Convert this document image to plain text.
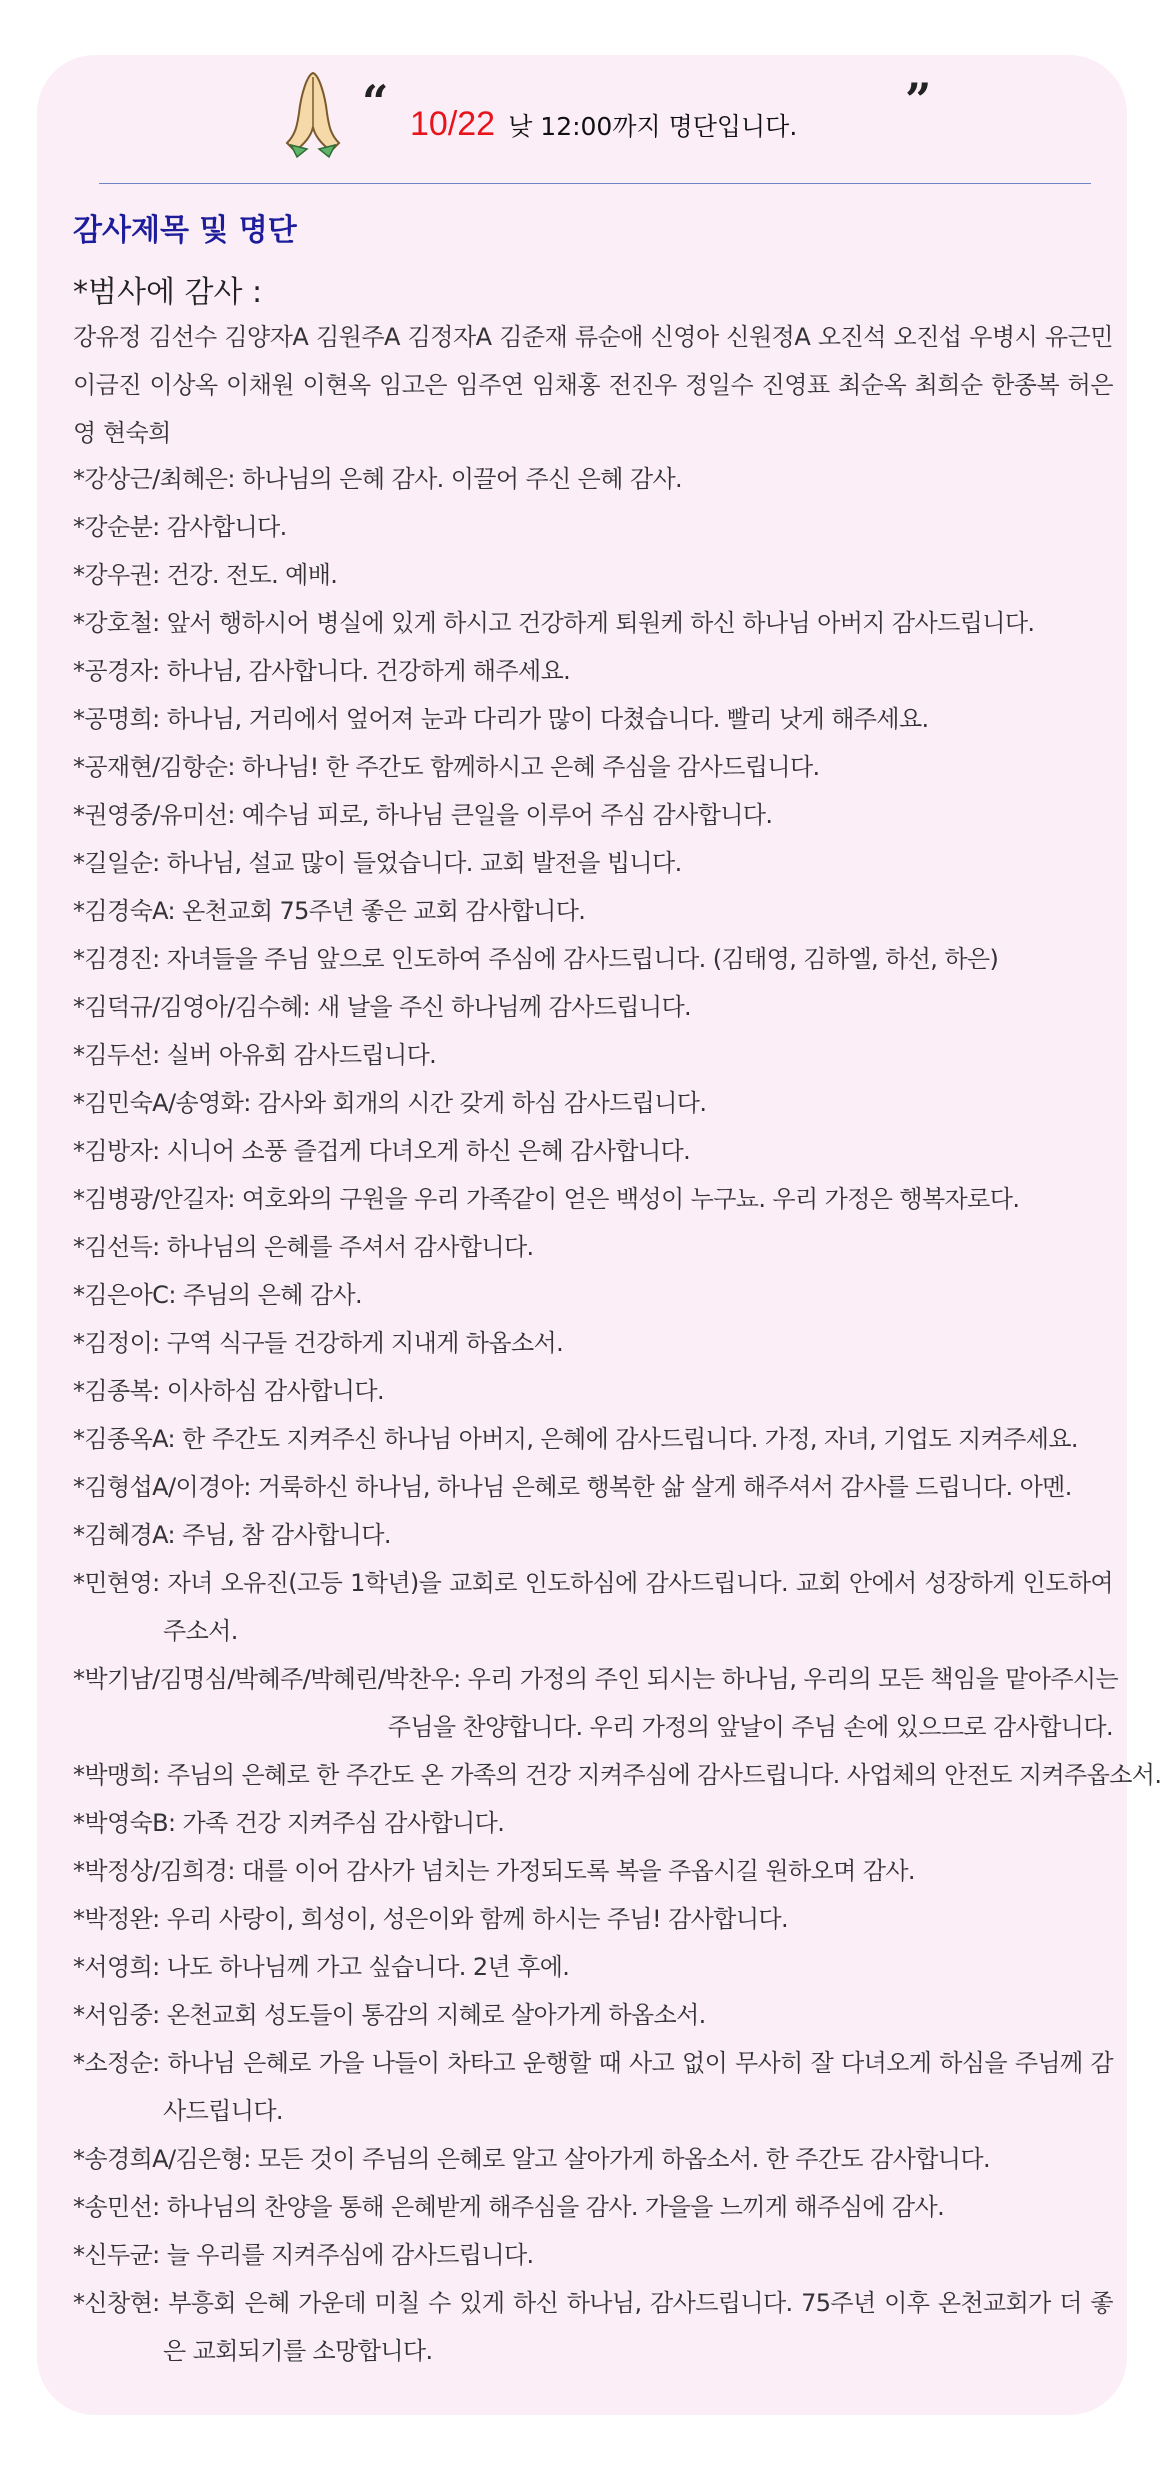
“ 10/22 낮 12:00까지 명단입니다. ”
감사제목 및 명단
*범사에 감사 :
강유정 김선수 김양자A 김원주A 김정자A 김준재 류순애 신영아 신원정A 오진석 오진섭 우병시 유근민 이금진 이상옥 이채원 이현옥 임고은 임주연 임채홍 전진우 정일수 진영표 최순옥 최희순 한종복 허은영 현숙희
* 강상근/최혜은: 하나님의 은혜 감사. 이끌어 주신 은혜 감사.
* 강순분: 감사합니다.
* 강우권: 건강. 전도. 예배.
* 강호철: 앞서 행하시어 병실에 있게 하시고 건강하게 퇴원케 하신 하나님 아버지 감사드립니다.
* 공경자: 하나님, 감사합니다. 건강하게 해주세요.
* 공명희: 하나님, 거리에서 엎어져 눈과 다리가 많이 다쳤습니다. 빨리 낫게 해주세요.
* 공재현/김항순: 하나님! 한 주간도 함께하시고 은혜 주심을 감사드립니다.
* 권영중/유미선: 예수님 피로, 하나님 큰일을 이루어 주심 감사합니다.
* 길일순: 하나님, 설교 많이 들었습니다. 교회 발전을 빕니다.
* 김경숙A: 온천교회 75주년 좋은 교회 감사합니다.
* 김경진: 자녀들을 주님 앞으로 인도하여 주심에 감사드립니다. (김태영, 김하엘, 하선, 하은)
* 김덕규/김영아/김수혜: 새 날을 주신 하나님께 감사드립니다.
* 김두선: 실버 아유회 감사드립니다.
* 김민숙A/송영화: 감사와 회개의 시간 갖게 하심 감사드립니다.
* 김방자: 시니어 소풍 즐겁게 다녀오게 하신 은혜 감사합니다.
* 김병광/안길자: 여호와의 구원을 우리 가족같이 얻은 백성이 누구뇨. 우리 가정은 행복자로다.
* 김선득: 하나님의 은혜를 주셔서 감사합니다.
* 김은아C: 주님의 은혜 감사.
* 김정이: 구역 식구들 건강하게 지내게 하옵소서.
* 김종복: 이사하심 감사합니다.
* 김종옥A: 한 주간도 지켜주신 하나님 아버지, 은혜에 감사드립니다. 가정, 자녀, 기업도 지켜주세요.
* 김형섭A/이경아: 거룩하신 하나님, 하나님 은혜로 행복한 삶 살게 해주셔서 감사를 드립니다. 아멘.
* 김혜경A: 주님, 참 감사합니다.
* 민현영: 자녀 오유진(고등 1학년)을 교회로 인도하심에 감사드립니다. 교회 안에서 성장하게 인도하여 주소서.
* 박기남/김명심/박혜주/박혜린/박찬우: 우리 가정의 주인 되시는 하나님, 우리의 모든 책임을 맡아주시는
주님을 찬양합니다. 우리 가정의 앞날이 주님 손에 있으므로 감사합니다.
* 박맹희: 주님의 은혜로 한 주간도 온 가족의 건강 지켜주심에 감사드립니다. 사업체의 안전도 지켜주옵소서.
* 박영숙B: 가족 건강 지켜주심 감사합니다.
* 박정상/김희경: 대를 이어 감사가 넘치는 가정되도록 복을 주옵시길 원하오며 감사.
* 박정완: 우리 사랑이, 희성이, 성은이와 함께 하시는 주님! 감사합니다.
* 서영희: 나도 하나님께 가고 싶습니다. 2년 후에.
* 서임중: 온천교회 성도들이 통감의 지혜로 살아가게 하옵소서.
* 소정순: 하나님 은혜로 가을 나들이 차타고 운행할 때 사고 없이 무사히 잘 다녀오게 하심을 주님께 감사드립니다.
* 송경희A/김은형: 모든 것이 주님의 은혜로 알고 살아가게 하옵소서. 한 주간도 감사합니다.
* 송민선: 하나님의 찬양을 통해 은혜받게 해주심을 감사. 가을을 느끼게 해주심에 감사.
* 신두균: 늘 우리를 지켜주심에 감사드립니다.
* 신창현: 부흥회 은혜 가운데 미칠 수 있게 하신 하나님, 감사드립니다. 75주년 이후 온천교회가 더 좋은 교회되기를 소망합니다.
